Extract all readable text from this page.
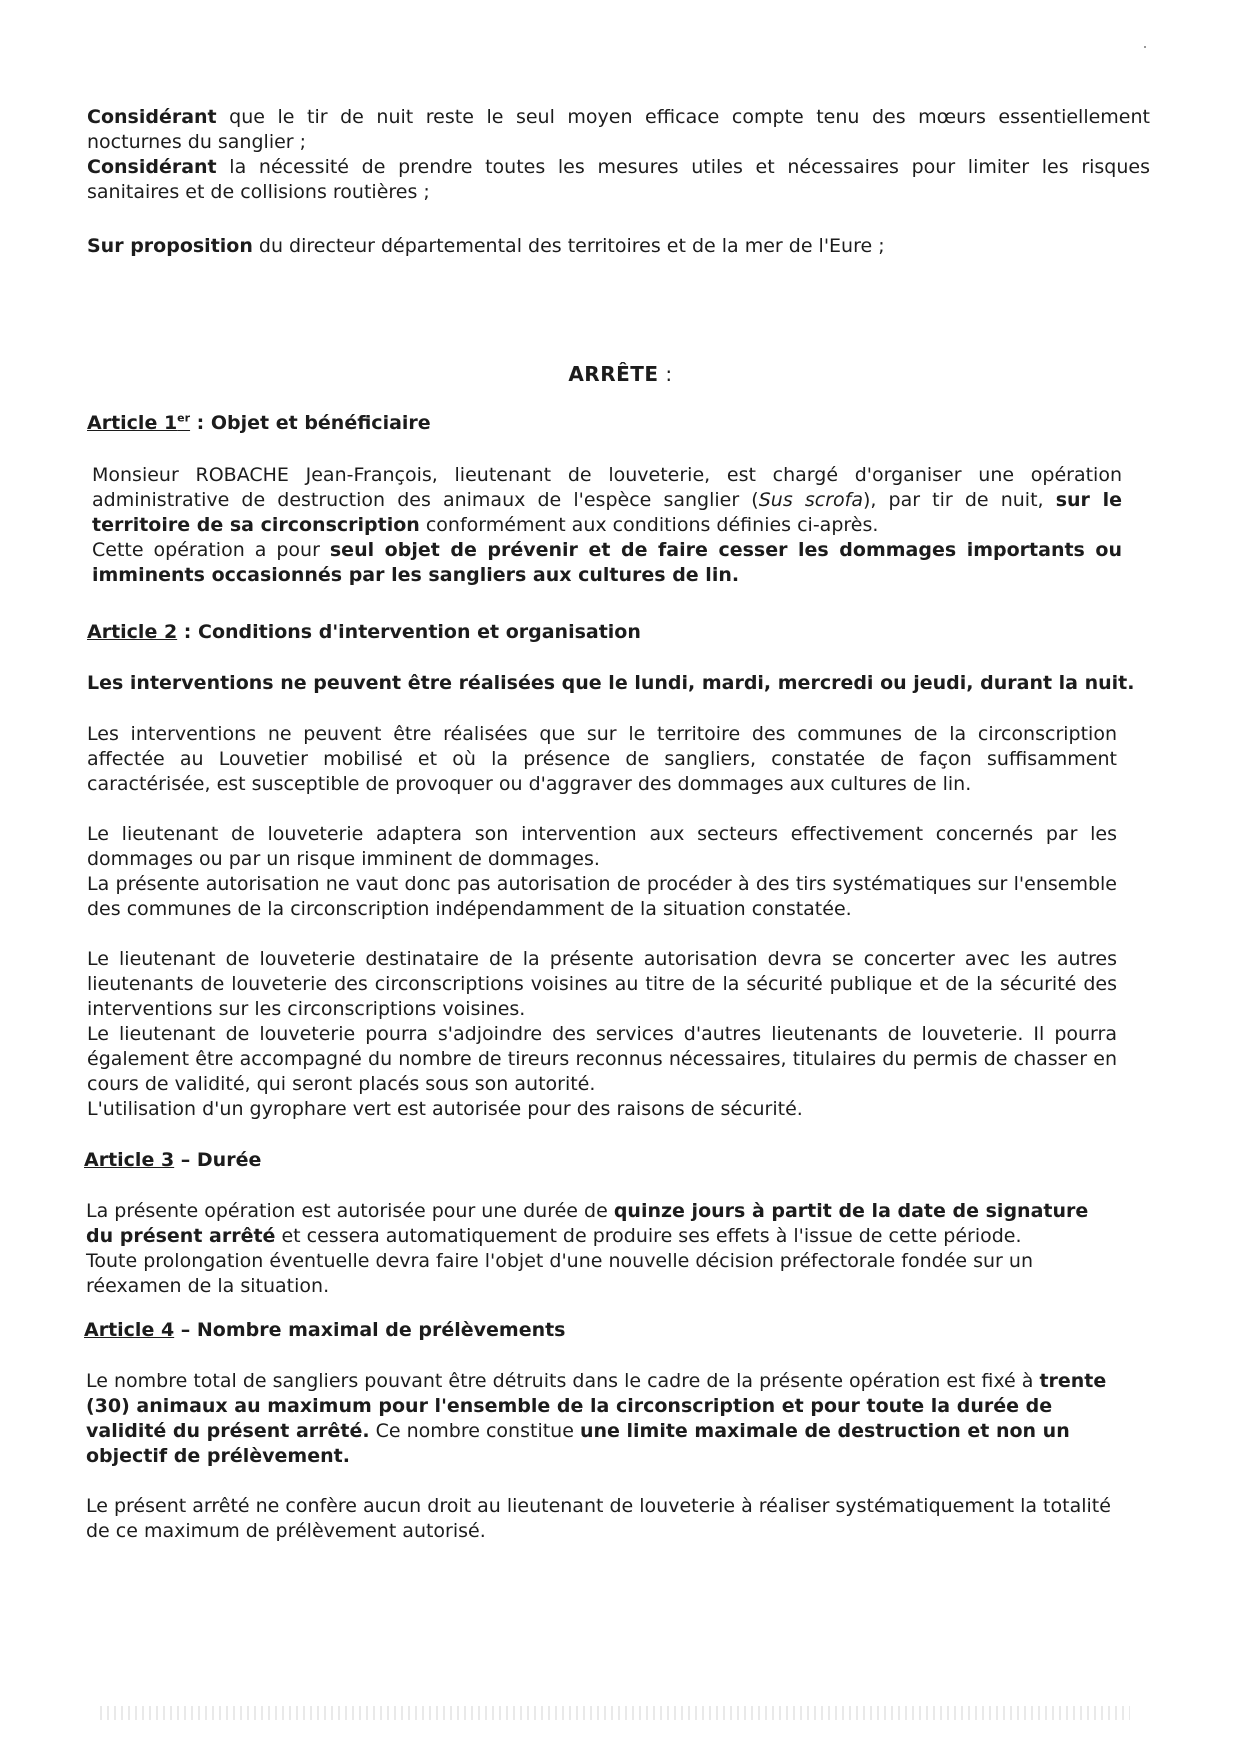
Considérant que le tir de nuit reste le seul moyen efficace compte tenu des mœurs essentiellement nocturnes du sanglier ;

Considérant la nécessité de prendre toutes les mesures utiles et nécessaires pour limiter les risques sanitaires et de collisions routières ;

Sur proposition du directeur départemental des territoires et de la mer de l'Eure ;

ARRÊTE :
Article 1er : Objet et bénéficiaire

Monsieur ROBACHE Jean-François, lieutenant de louveterie, est chargé d'organiser une opération administrative de destruction des animaux de l'espèce sanglier (Sus scrofa), par tir de nuit, sur le territoire de sa circonscription conformément aux conditions définies ci-après.

Cette opération a pour seul objet de prévenir et de faire cesser les dommages importants ou imminents occasionnés par les sangliers aux cultures de lin.

Article 2 : Conditions d'intervention et organisation

Les interventions ne peuvent être réalisées que le lundi, mardi, mercredi ou jeudi, durant la nuit.

Les interventions ne peuvent être réalisées que sur le territoire des communes de la circonscription affectée au Louvetier mobilisé et où la présence de sangliers, constatée de façon suffisamment caractérisée, est susceptible de provoquer ou d'aggraver des dommages aux cultures de lin.

Le lieutenant de louveterie adaptera son intervention aux secteurs effectivement concernés par les dommages ou par un risque imminent de dommages.

La présente autorisation ne vaut donc pas autorisation de procéder à des tirs systématiques sur l'ensemble des communes de la circonscription indépendamment de la situation constatée.

Le lieutenant de louveterie destinataire de la présente autorisation devra se concerter avec les autres lieutenants de louveterie des circonscriptions voisines au titre de la sécurité publique et de la sécurité des interventions sur les circonscriptions voisines.

Le lieutenant de louveterie pourra s'adjoindre des services d'autres lieutenants de louveterie. Il pourra également être accompagné du nombre de tireurs reconnus nécessaires, titulaires du permis de chasser en cours de validité, qui seront placés sous son autorité.

L'utilisation d'un gyrophare vert est autorisée pour des raisons de sécurité.

Article 3 – Durée

La présente opération est autorisée pour une durée de quinze jours à partit de la date de signature du présent arrêté et cessera automatiquement de produire ses effets à l'issue de cette période.

Toute prolongation éventuelle devra faire l'objet d'une nouvelle décision préfectorale fondée sur un réexamen de la situation.

Article 4 – Nombre maximal de prélèvements

Le nombre total de sangliers pouvant être détruits dans le cadre de la présente opération est fixé à trente (30) animaux au maximum pour l'ensemble de la circonscription et pour toute la durée de validité du présent arrêté. Ce nombre constitue une limite maximale de destruction et non un objectif de prélèvement.

Le présent arrêté ne confère aucun droit au lieutenant de louveterie à réaliser systématiquement la totalité de ce maximum de prélèvement autorisé.
